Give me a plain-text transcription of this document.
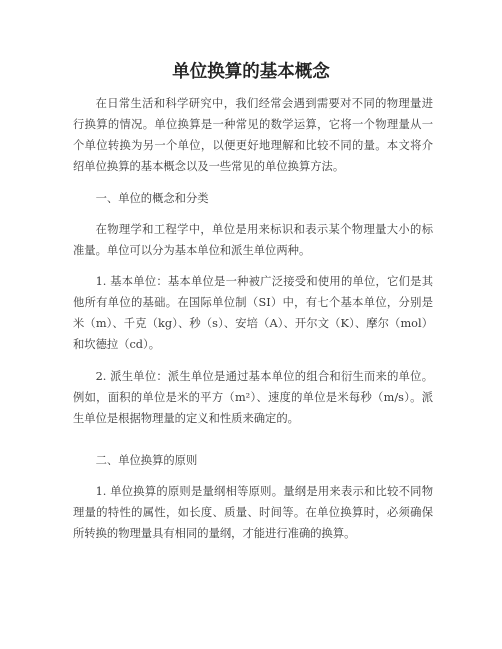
单位换算的基本概念

在日常生活和科学研究中，我们经常会遇到需要对不同的物理量进行换算的情况。单位换算是一种常见的数学运算，它将一个物理量从一个单位转换为另一个单位，以便更好地理解和比较不同的量。本文将介绍单位换算的基本概念以及一些常见的单位换算方法。

一、单位的概念和分类

在物理学和工程学中，单位是用来标识和表示某个物理量大小的标准量。单位可以分为基本单位和派生单位两种。

1. 基本单位：基本单位是一种被广泛接受和使用的单位，它们是其他所有单位的基础。在国际单位制（SI）中，有七个基本单位，分别是米（m）、千克（kg）、秒（s）、安培（A）、开尔文（K）、摩尔（mol）和坎德拉（cd）。

2. 派生单位：派生单位是通过基本单位的组合和衍生而来的单位。例如，面积的单位是米的平方（m²）、速度的单位是米每秒（m/s）。派生单位是根据物理量的定义和性质来确定的。

二、单位换算的原则

1. 单位换算的原则是量纲相等原则。量纲是用来表示和比较不同物理量的特性的属性，如长度、质量、时间等。在单位换算时，必须确保所转换的物理量具有相同的量纲，才能进行准确的换算。
